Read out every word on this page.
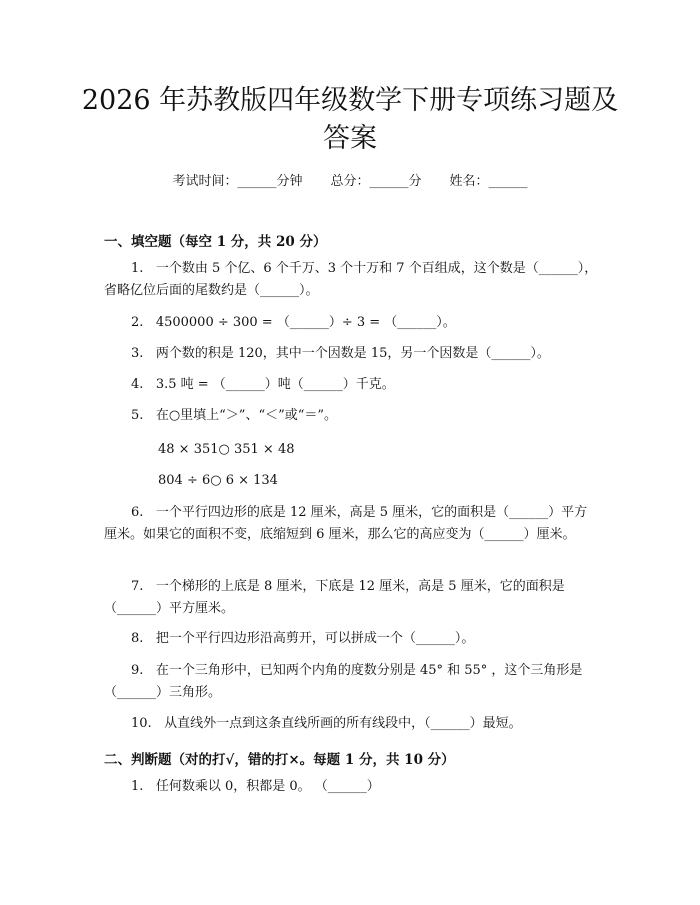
2026 年苏教版四年级数学下册专项练习题及
答案
考试时间：______分钟 总分：______分 姓名：______
一、填空题（每空 1 分，共 20 分）
1. 一个数由 5 个亿、6 个千万、3 个十万和 7 个百组成，这个数是（______），省略亿位后面的尾数约是（______）。
2. 4500000 ÷ 300 = （______）÷ 3 = （______）。
3. 两个数的积是 120，其中一个因数是 15，另一个因数是（______）。
4. 3.5 吨 = （______）吨（______）千克。
5. 在○里填上“＞”、“＜”或“＝”。
48 × 351○ 351 × 48
804 ÷ 6○ 6 × 134
6. 一个平行四边形的底是 12 厘米，高是 5 厘米，它的面积是（______）平方厘米。如果它的面积不变，底缩短到 6 厘米，那么它的高应变为（______）厘米。
7. 一个梯形的上底是 8 厘米，下底是 12 厘米，高是 5 厘米，它的面积是（______）平方厘米。
8. 把一个平行四边形沿高剪开，可以拼成一个（______）。
9. 在一个三角形中，已知两个内角的度数分别是 45° 和 55° ，这个三角形是（______）三角形。
10. 从直线外一点到这条直线所画的所有线段中，（______）最短。
二、判断题（对的打√，错的打×。每题 1 分，共 10 分）
1. 任何数乘以 0，积都是 0。 （______）
